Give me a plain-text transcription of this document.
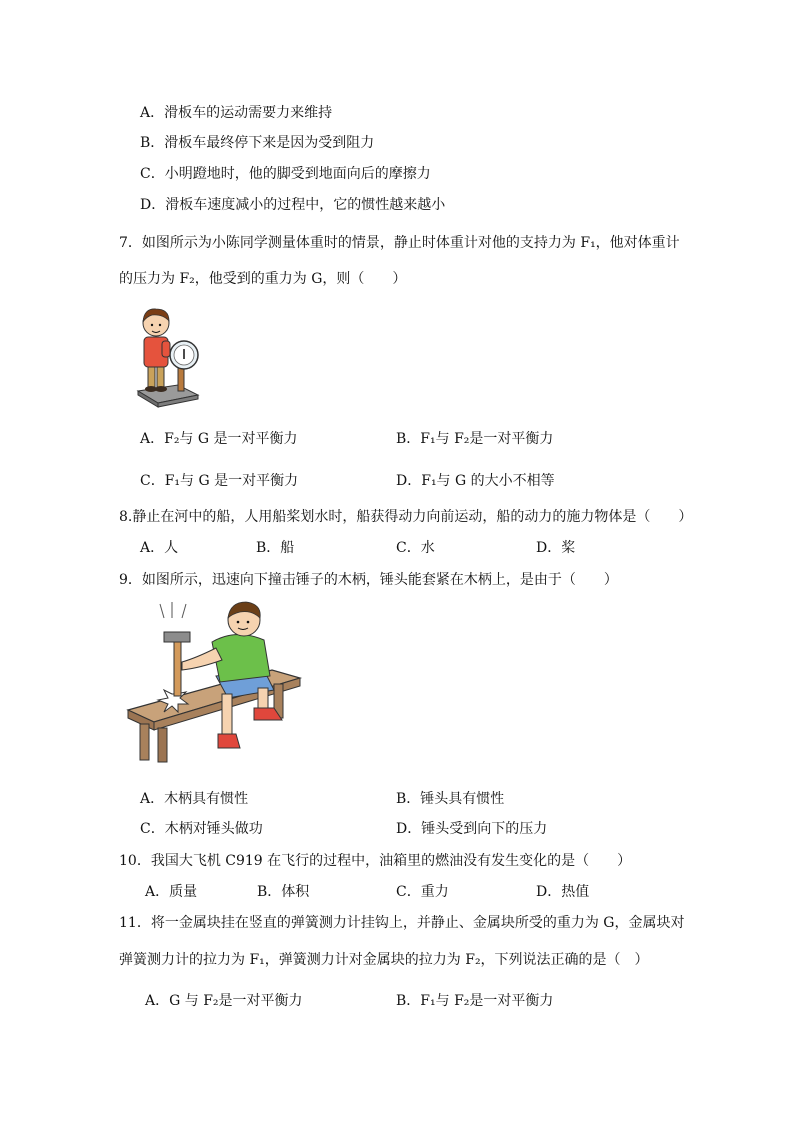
A．滑板车的运动需要力来维持
B．滑板车最终停下来是因为受到阻力
C．小明蹬地时，他的脚受到地面向后的摩擦力
D．滑板车速度减小的过程中，它的惯性越来越小
7．如图所示为小陈同学测量体重时的情景，静止时体重计对他的支持力为 F₁，他对体重计
的压力为 F₂，他受到的重力为 G，则（　　）
A．F₂与 G 是一对平衡力	B．F₁与 F₂是一对平衡力
C．F₁与 G 是一对平衡力	D．F₁与 G 的大小不相等
8.静止在河中的船，人用船桨划水时，船获得动力向前运动，船的动力的施力物体是（　　）
A．人	B．船	C．水	D．桨
9．如图所示，迅速向下撞击锤子的木柄，锤头能套紧在木柄上，是由于（　　）
A．木柄具有惯性	B．锤头具有惯性
C．木柄对锤头做功	D．锤头受到向下的压力
10．我国大飞机 C919 在飞行的过程中，油箱里的燃油没有发生变化的是（　　）
A．质量	B．体积	C．重力	D．热值
11．将一金属块挂在竖直的弹簧测力计挂钩上，并静止、金属块所受的重力为 G，金属块对
弹簧测力计的拉力为 F₁，弹簧测力计对金属块的拉力为 F₂，下列说法正确的是（　）
A．G 与 F₂是一对平衡力	B．F₁与 F₂是一对平衡力
